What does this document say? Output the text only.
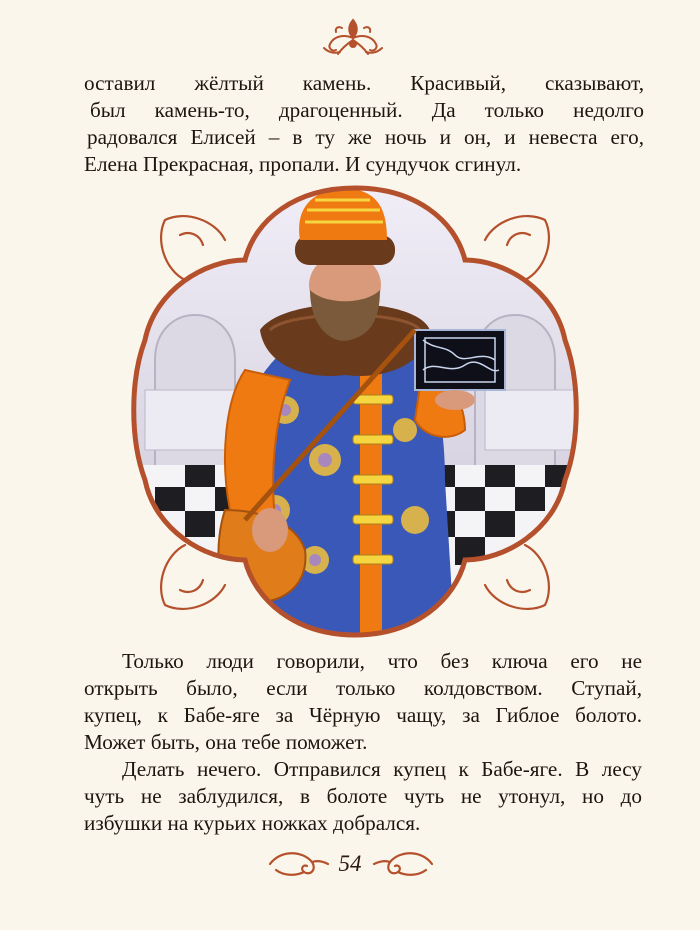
оставил жёлтый камень. Красивый, сказывают,
был камень-то, драгоценный. Да только недолго
радовался Елисей – в ту же ночь и он, и невеста его,
Елена Прекрасная, пропали. И сундучок сгинул.
Только люди говорили, что без ключа его не
открыть было, если только колдовством. Ступай,
купец, к Бабе-яге за Чёрную чащу, за Гиблое болото.
Может быть, она тебе поможет.
Делать нечего. Отправился купец к Бабе-яге. В лесу
чуть не заблудился, в болоте чуть не утонул, но до
избушки на курьих ножках добрался.
54
